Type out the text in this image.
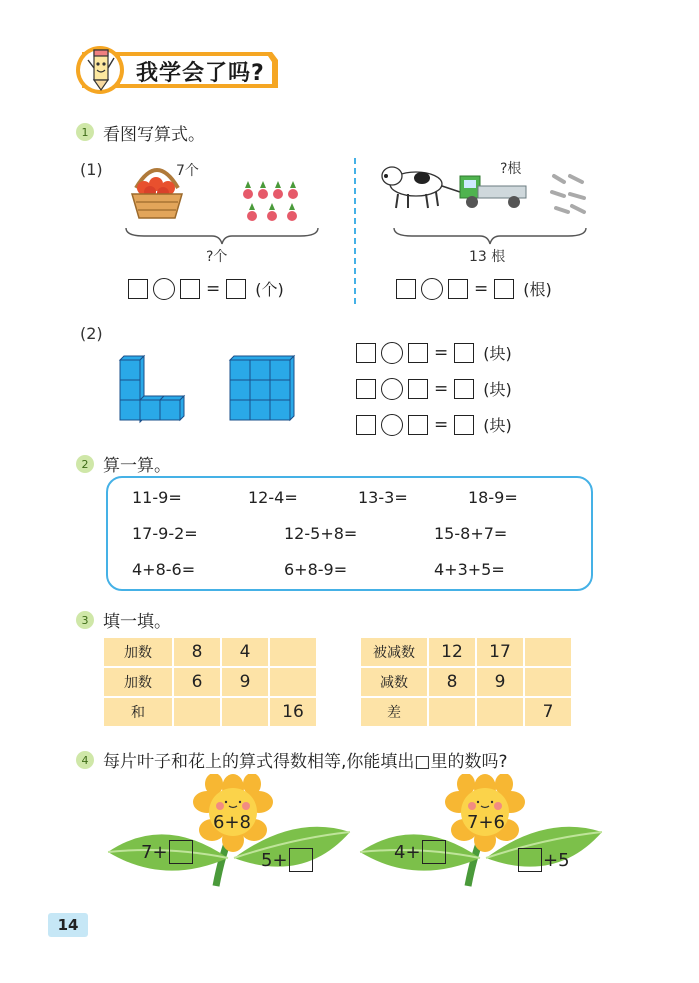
我学会了吗?
1 看图写算式。
(1)	7个
?个
= (个)
?根
13 根
= (根)
(2)
= (块)
= (块)
= (块)
2 算一算。
11-9=	12-4=	13-3=	18-9=
17-9-2=	12-5+8=	15-8+7=
4+8-6=	6+8-9=	4+3+5=
3 填一填。
加数	8	4	
加数	6	9	
和			16
被减数	12	17	
减数	8	9	
差			7
4 每片叶子和花上的算式得数相等,你能填出□里的数吗?
6+8
7+	5+
7+6
4+	+5
14
